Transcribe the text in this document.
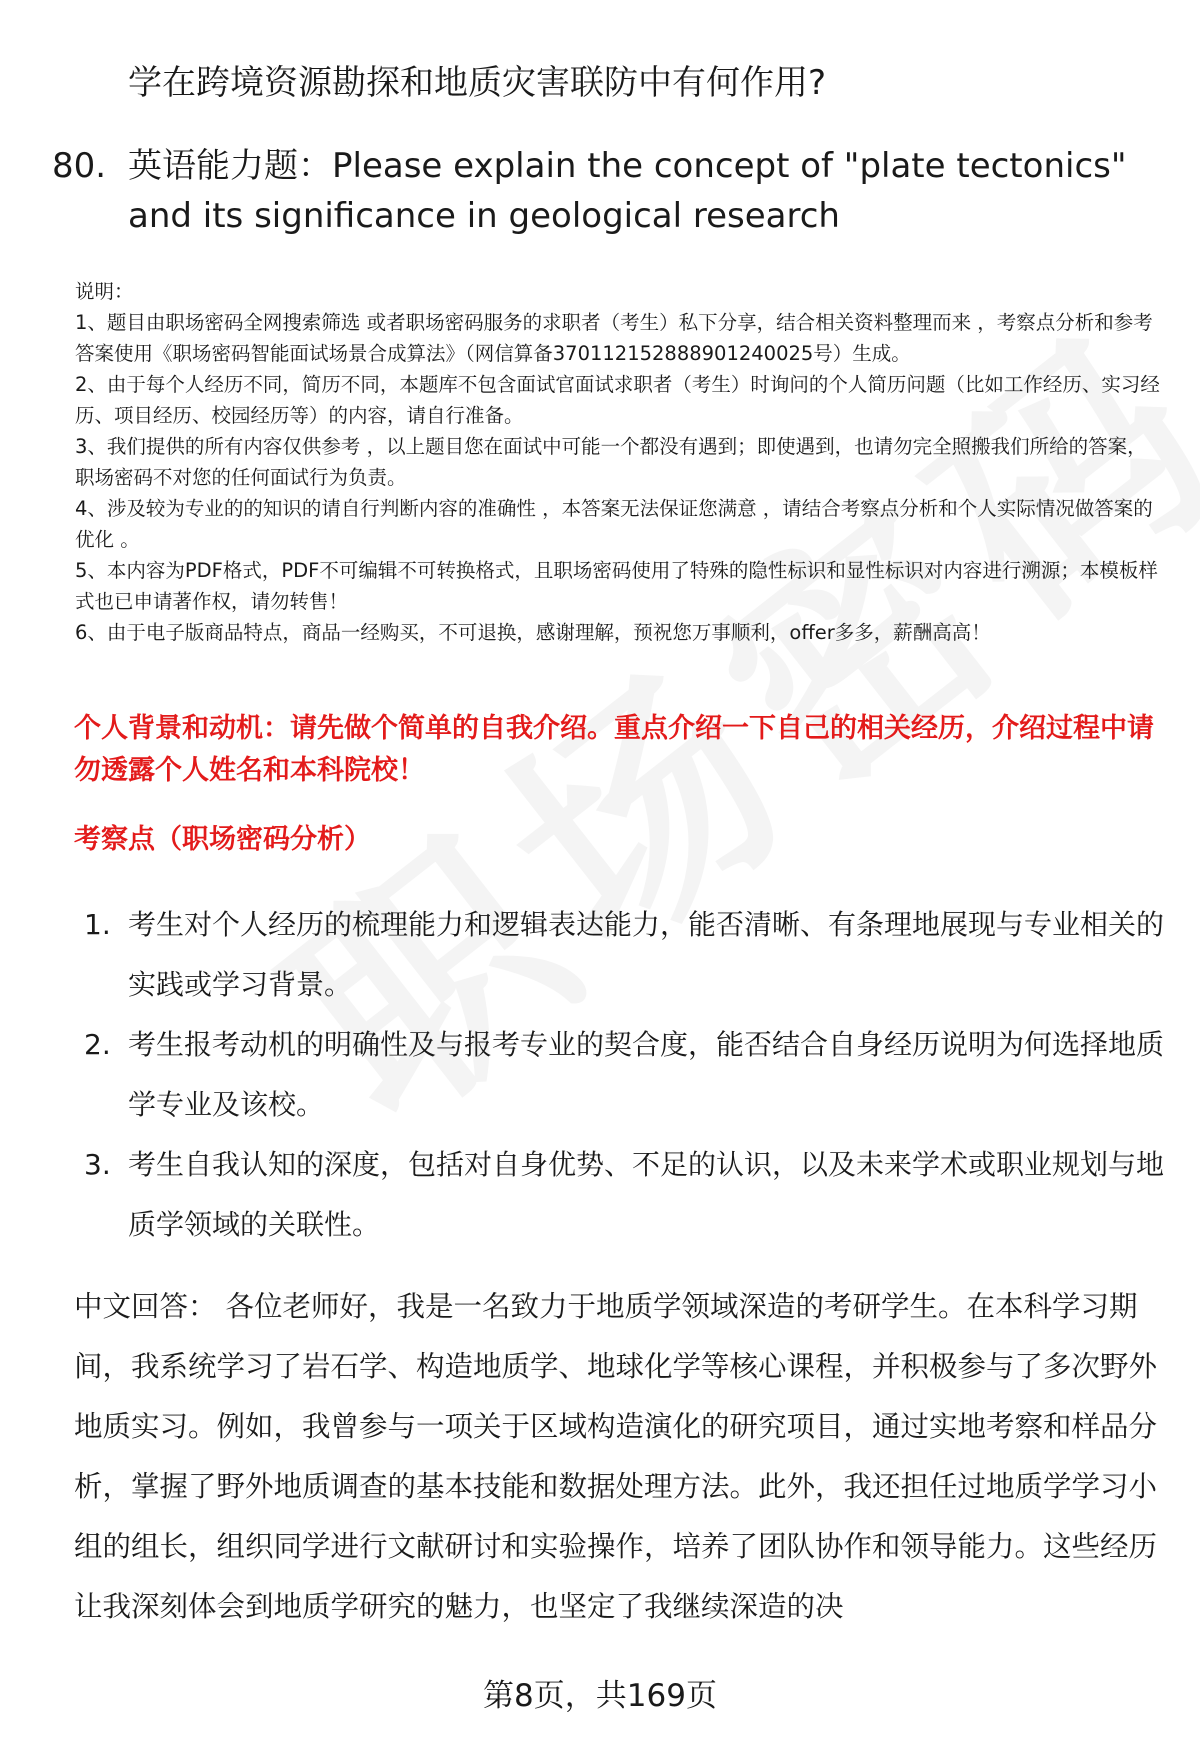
学在跨境资源勘探和地质灾害联防中有何作用?
80. 英语能力题：Please explain the concept of "plate tectonics" and its significance in geological research
说明：
1、题目由职场密码全网搜索筛选 或者职场密码服务的求职者（考生）私下分享，结合相关资料整理而来 ，考察点分析和参考答案使用《职场密码智能面试场景合成算法》（网信算备370112152888901240025号）生成。
2、由于每个人经历不同，简历不同，本题库不包含面试官面试求职者（考生）时询问的个人简历问题（比如工作经历、实习经历、项目经历、校园经历等）的内容，请自行准备。
3、我们提供的所有内容仅供参考 ，以上题目您在面试中可能一个都没有遇到；即使遇到，也请勿完全照搬我们所给的答案，职场密码不对您的任何面试行为负责。
4、涉及较为专业的的知识的请自行判断内容的准确性 ，本答案无法保证您满意 ，请结合考察点分析和个人实际情况做答案的优化 。
5、本内容为PDF格式，PDF不可编辑不可转换格式，且职场密码使用了特殊的隐性标识和显性标识对内容进行溯源；本模板样式也已申请著作权，请勿转售！
6、由于电子版商品特点，商品一经购买，不可退换，感谢理解，预祝您万事顺利，offer多多，薪酬高高！
个人背景和动机：请先做个简单的自我介绍。重点介绍一下自己的相关经历，介绍过程中请勿透露个人姓名和本科院校！
考察点（职场密码分析）
1. 考生对个人经历的梳理能力和逻辑表达能力，能否清晰、有条理地展现与专业相关的实践或学习背景。
2. 考生报考动机的明确性及与报考专业的契合度，能否结合自身经历说明为何选择地质学专业及该校。
3. 考生自我认知的深度，包括对自身优势、不足的认识，以及未来学术或职业规划与地质学领域的关联性。
中文回答： 各位老师好，我是一名致力于地质学领域深造的考研学生。在本科学习期间，我系统学习了岩石学、构造地质学、地球化学等核心课程，并积极参与了多次野外地质实习。例如，我曾参与一项关于区域构造演化的研究项目，通过实地考察和样品分析，掌握了野外地质调查的基本技能和数据处理方法。此外，我还担任过地质学学习小组的组长，组织同学进行文献研讨和实验操作，培养了团队协作和领导能力。这些经历让我深刻体会到地质学研究的魅力，也坚定了我继续深造的决
第8页，共169页
